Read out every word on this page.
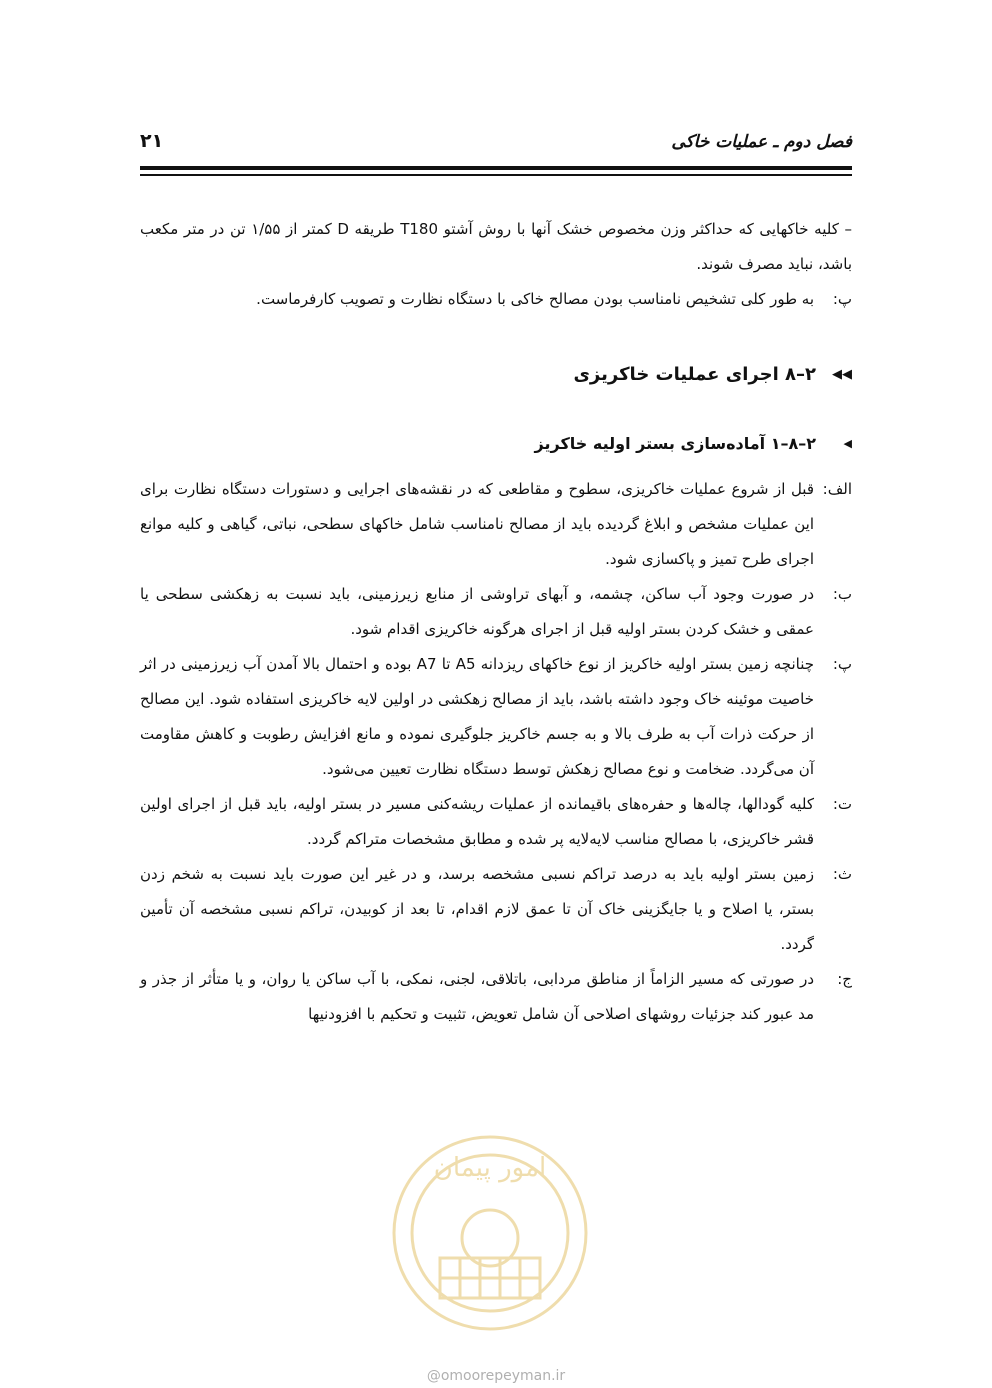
فصل دوم ـ عملیات خاکی
۲۱

– کلیه خاکهایی که حداکثر وزن مخصوص خشک آنها با روش آشتو T180 طریقه D کمتر از ۱/۵۵ تن در متر مکعب باشد، نباید مصرف شوند.

پ:
به طور کلی تشخیص نامناسب بودن مصالح خاکی با دستگاه نظارت و تصویب کارفرماست.
◀◀
۲–۸ اجرای عملیات خاکریزی
◀
۲–۸–۱ آماده‌سازی بستر اولیه خاکریز
الف:
قبل از شروع عملیات خاکریزی، سطوح و مقاطعی که در نقشه‌های اجرایی و دستورات دستگاه نظارت برای این عملیات مشخص و ابلاغ گردیده باید از مصالح نامناسب شامل خاکهای سطحی، نباتی، گیاهی و کلیه موانع اجرای طرح تمیز و پاکسازی شود.
ب:
در صورت وجود آب ساکن، چشمه، و آبهای تراوشی از منابع زیرزمینی، باید نسبت به زهکشی سطحی یا عمقی و خشک کردن بستر اولیه قبل از اجرای هرگونه خاکریزی اقدام شود.
پ:
چنانچه زمین بستر اولیه خاکریز از نوع خاکهای ریزدانه A5 تا A7 بوده و احتمال بالا آمدن آب زیرزمینی در اثر خاصیت موئینه خاک وجود داشته باشد، باید از مصالح زهکشی در اولین لایه خاکریزی استفاده شود. این مصالح از حرکت ذرات آب به طرف بالا و به جسم خاکریز جلوگیری نموده و مانع افزایش رطوبت و کاهش مقاومت آن می‌گردد. ضخامت و نوع مصالح زهکش توسط دستگاه نظارت تعیین می‌شود.
ت:
کلیه گودالها، چاله‌ها و حفره‌های باقیمانده از عملیات ریشه‌کنی مسیر در بستر اولیه، باید قبل از اجرای اولین قشر خاکریزی، با مصالح مناسب لایه‌لایه پر شده و مطابق مشخصات متراکم گردد.
ث:
زمین بستر اولیه باید به درصد تراکم نسبی مشخصه برسد، و در غیر این صورت باید نسبت به شخم زدن بستر، یا اصلاح و یا جایگزینی خاک آن تا عمق لازم اقدام، تا بعد از کوبیدن، تراکم نسبی مشخصه آن تأمین گردد.
ج:
در صورتی که مسیر الزاماً از مناطق مردابی، باتلاقی، لجنی، نمکی، با آب ساکن یا روان، و یا متأثر از جذر و مد عبور کند جزئیات روشهای اصلاحی آن شامل تعویض، تثبیت و تحکیم با افزودنیها
امور پیمان
@omoorepeyman.ir
